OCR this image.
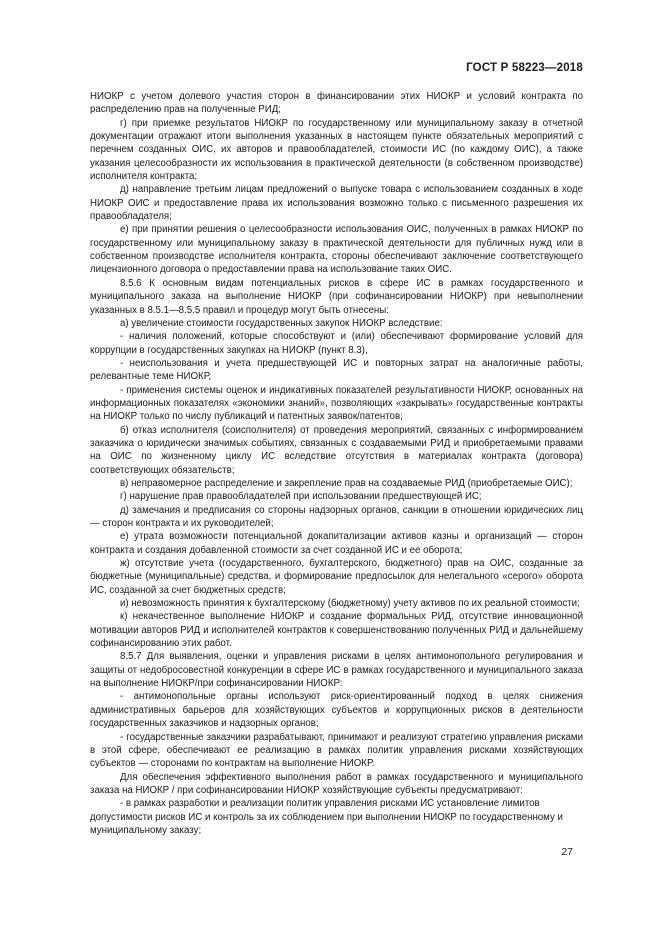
ГОСТ Р 58223—2018

НИОКР с учетом долевого участия сторон в финансировании этих НИОКР и условий контракта по распределению прав на полученные РИД;

г) при приемке результатов НИОКР по государственному или муниципальному заказу в отчетной документации отражают итоги выполнения указанных в настоящем пункте обязательных мероприятий с перечнем созданных ОИС, их авторов и правообладателей, стоимости ИС (по каждому ОИС), а также указания целесообразности их использования в практической деятельности (в собственном производстве) исполнителя контракта;

д) направление третьим лицам предложений о выпуске товара с использованием созданных в ходе НИОКР ОИС и предоставление права их использования возможно только с письменного разрешения их правообладателя;

е) при принятии решения о целесообразности использования ОИС, полученных в рамках НИОКР по государственному или муниципальному заказу в практической деятельности для публичных нужд или в собственном производстве исполнителя контракта, стороны обеспечивают заключение соответствующего лицензионного договора о предоставлении права на использование таких ОИС.

8.5.6 К основным видам потенциальных рисков в сфере ИС в рамках государственного и муниципального заказа на выполнение НИОКР (при софинансировании НИОКР) при невыполнении указанных в 8.5.1—8.5.5 правил и процедур могут быть отнесены:

а) увеличение стоимости государственных закупок НИОКР вследствие:

- наличия положений, которые способствуют и (или) обеспечивают формирование условий для коррупции в государственных закупках на НИОКР (пункт 8.3),

- неиспользования и учета предшествующей ИС и повторных затрат на аналогичные работы, релевантные теме НИОКР,

- применения системы оценок и индикативных показателей результативности НИОКР, основанных на информационных показателях «экономики знаний», позволяющих «закрывать» государственные контракты на НИОКР только по числу публикаций и патентных заявок/патентов;

б) отказ исполнителя (соисполнителя) от проведения мероприятий, связанных с информированием заказчика о юридически значимых событиях, связанных с создаваемыми РИД и приобретаемыми правами на ОИС по жизненному циклу ИС вследствие отсутствия в материалах контракта (договора) соответствующих обязательств;

в) неправомерное распределение и закрепление прав на создаваемые РИД (приобретаемые ОИС);

г) нарушение прав правообладателей при использовании предшествующей ИС;

д) замечания и предписания со стороны надзорных органов, санкции в отношении юридических лиц — сторон контракта и их руководителей;

е) утрата возможности потенциальной докапитализации активов казны и организаций — сторон контракта и создания добавленной стоимости за счет созданной ИС и ее оборота;

ж) отсутствие учета (государственного, бухгалтерского, бюджетного) прав на ОИС, созданные за бюджетные (муниципальные) средства, и формирование предпосылок для нелегального «серого» оборота ИС, созданной за счет бюджетных средств;

и) невозможность принятия к бухгалтерскому (бюджетному) учету активов по их реальной стоимости;

к) некачественное выполнение НИОКР и создание формальных РИД, отсутствие инновационной мотивации авторов РИД и исполнителей контрактов к совершенствованию полученных РИД и дальнейшему софинансированию этих работ.

8.5.7 Для выявления, оценки и управления рисками в целях антимонопольного регулирования и защиты от недобросовестной конкуренции в сфере ИС в рамках государственного и муниципального заказа на выполнение НИОКР/при софинансировании НИОКР:

- антимонопольные органы используют риск-ориентированный подход в целях снижения административных барьеров для хозяйствующих субъектов и коррупционных рисков в деятельности государственных заказчиков и надзорных органов;

- государственные заказчики разрабатывают, принимают и реализуют стратегию управления рисками в этой сфере, обеспечивают ее реализацию в рамках политик управления рисками хозяйствующих субъектов — сторонами по контрактам на выполнение НИОКР.

Для обеспечения эффективного выполнения работ в рамках государственного и муниципального заказа на НИОКР / при софинансировании НИОКР хозяйствующие субъекты предусматривают:

- в рамках разработки и реализации политик управления рисками ИС установление лимитов допустимости рисков ИС и контроль за их соблюдением при выполнении НИОКР по государственному и муниципальному заказу;

27
